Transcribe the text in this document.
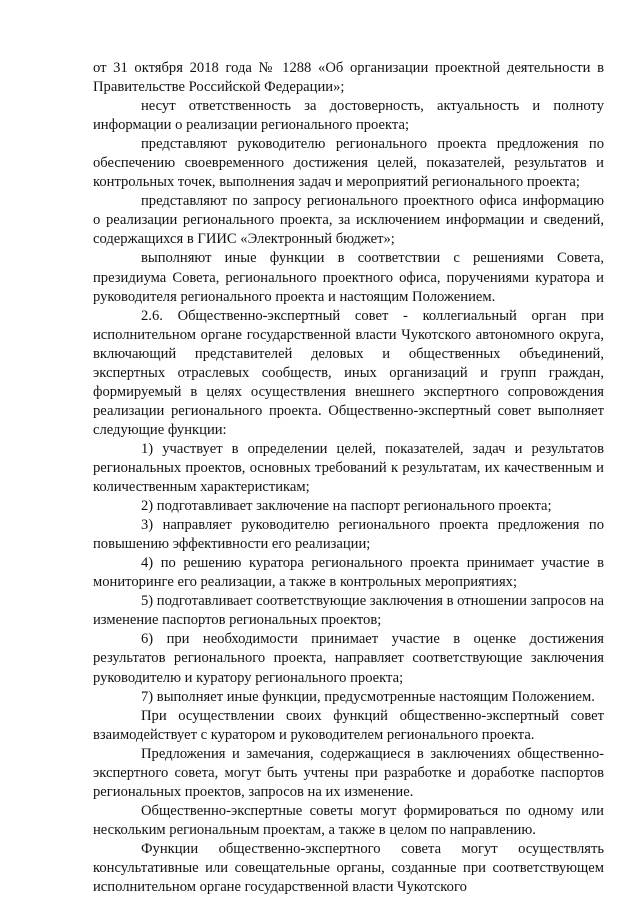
от 31 октября 2018 года № 1288 «Об организации проектной деятельности в Правительстве Российской Федерации»;

несут ответственность за достоверность, актуальность и полноту информации о реализации регионального проекта;

представляют руководителю регионального проекта предложения по обеспечению своевременного достижения целей, показателей, результатов и контрольных точек, выполнения задач и мероприятий регионального проекта;

представляют по запросу регионального проектного офиса информацию о реализации регионального проекта, за исключением информации и сведений, содержащихся в ГИИС «Электронный бюджет»;

выполняют иные функции в соответствии с решениями Совета, президиума Совета, регионального проектного офиса, поручениями куратора и руководителя регионального проекта и настоящим Положением.

2.6. Общественно-экспертный совет - коллегиальный орган при исполнительном органе государственной власти Чукотского автономного округа, включающий представителей деловых и общественных объединений, экспертных отраслевых сообществ, иных организаций и групп граждан, формируемый в целях осуществления внешнего экспертного сопровождения реализации регионального проекта. Общественно-экспертный совет выполняет следующие функции:

1) участвует в определении целей, показателей, задач и результатов региональных проектов, основных требований к результатам, их качественным и количественным характеристикам;

2) подготавливает заключение на паспорт регионального проекта;

3) направляет руководителю регионального проекта предложения по повышению эффективности его реализации;

4) по решению куратора регионального проекта принимает участие в мониторинге его реализации, а также в контрольных мероприятиях;

5) подготавливает соответствующие заключения в отношении запросов на изменение паспортов региональных проектов;

6) при необходимости принимает участие в оценке достижения результатов регионального проекта, направляет соответствующие заключения руководителю и куратору регионального проекта;

7) выполняет иные функции, предусмотренные настоящим Положением.

При осуществлении своих функций общественно-экспертный совет взаимодействует с куратором и руководителем регионального проекта.

Предложения и замечания, содержащиеся в заключениях общественно-экспертного совета, могут быть учтены при разработке и доработке паспортов региональных проектов, запросов на их изменение.

Общественно-экспертные советы могут формироваться по одному или нескольким региональным проектам, а также в целом по направлению.

Функции общественно-экспертного совета могут осуществлять консультативные или совещательные органы, созданные при соответствующем исполнительном органе государственной власти Чукотского
